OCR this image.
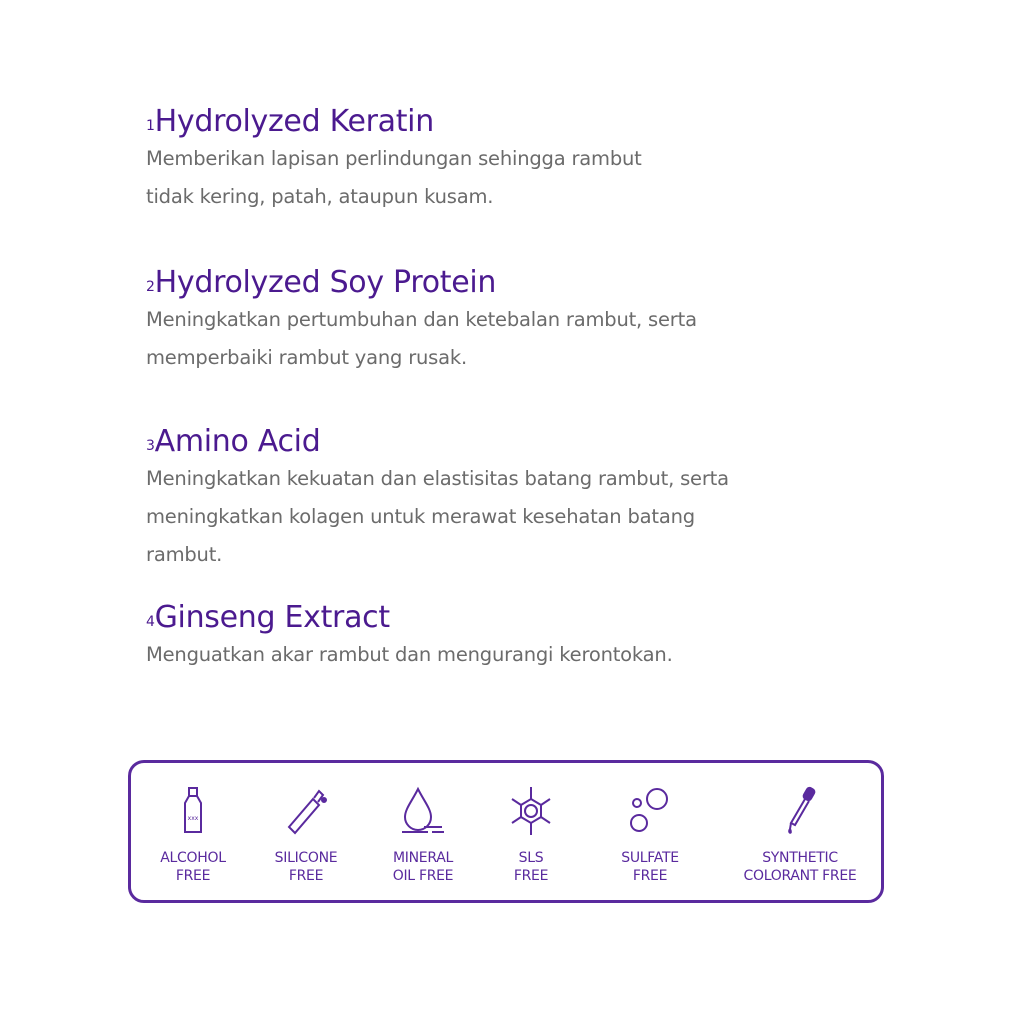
$^1$Hydrolyzed Keratin
Memberikan lapisan perlindungan sehingga rambut
tidak kering, patah, ataupun kusam.
$^2$Hydrolyzed Soy Protein
Meningkatkan pertumbuhan dan ketebalan rambut, serta
memperbaiki rambut yang rusak.
$^3$Amino Acid
Meningkatkan kekuatan dan elastisitas batang rambut, serta
meningkatkan kolagen untuk merawat kesehatan batang
rambut.
$^4$Ginseng Extract
Menguatkan akar rambut dan mengurangi kerontokan.
xxx
ALCOHOL
FREE
SILICONE
FREE
MINERAL
OIL FREE
SLS
FREE
SULFATE
FREE
SYNTHETIC
COLORANT FREE
